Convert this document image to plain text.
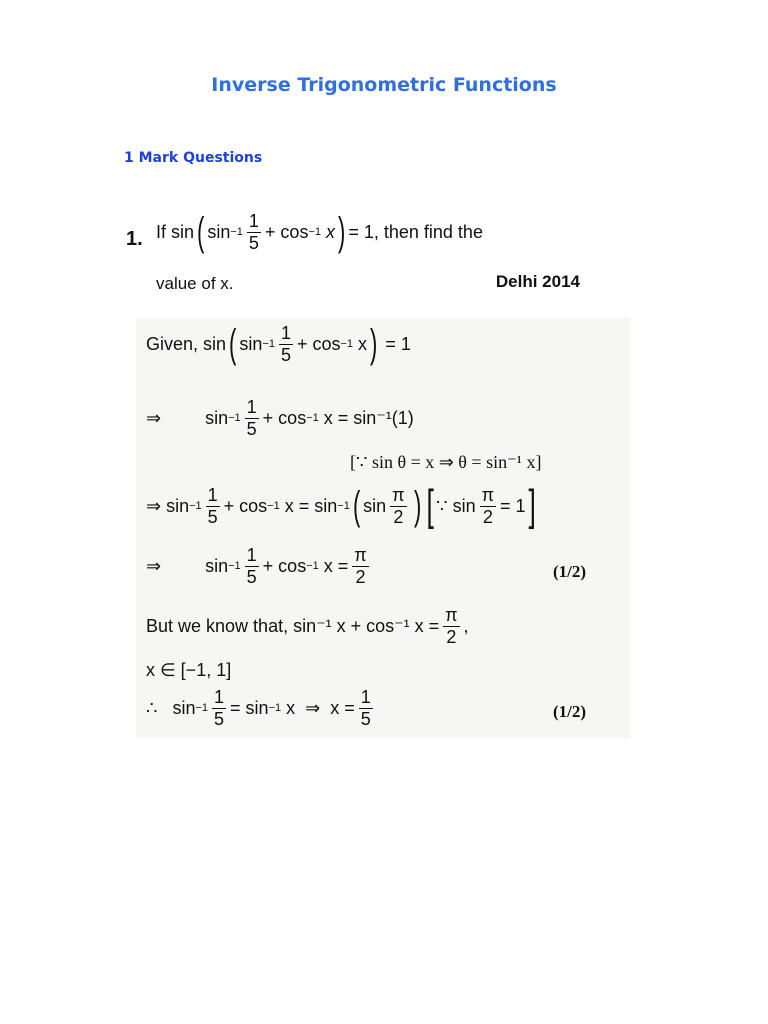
Inverse Trigonometric Functions
1 Mark Questions
1. If sin ( $\sin -1 \frac{1}{5} + \cos -1$
x ) = 1, then find the
value of x.	Delhi 2014
Given, sin ( $\sin -1 \frac{1}{5} + \cos -1$ x ) = 1
⇒ $\sin -1 \frac{1}{5} + \cos -1$ x = sin⁻¹(1)
[∵ sin θ = x ⇒ θ = sin⁻¹ x]
⇒ $\sin -1 \frac{1}{5} + \cos -1$ x = sin −1 ( $\sin \frac{\pi}{2}$ ) [ ∵ $\sin \frac{\pi}{2} = 1$ ]
⇒
$\sin -1 \frac{1}{5} + \cos -1$ $x = \frac{\pi}{2}$	(1/2)
But we know that, sin⁻¹ x + cos⁻¹ $x = \frac{\pi}{2}$ ,
x ∈ [−1, 1]
∴ $\sin -1 \frac{1}{5} = \sin -1$ x  ⇒  $x = \frac{1}{5}$	(1/2)
